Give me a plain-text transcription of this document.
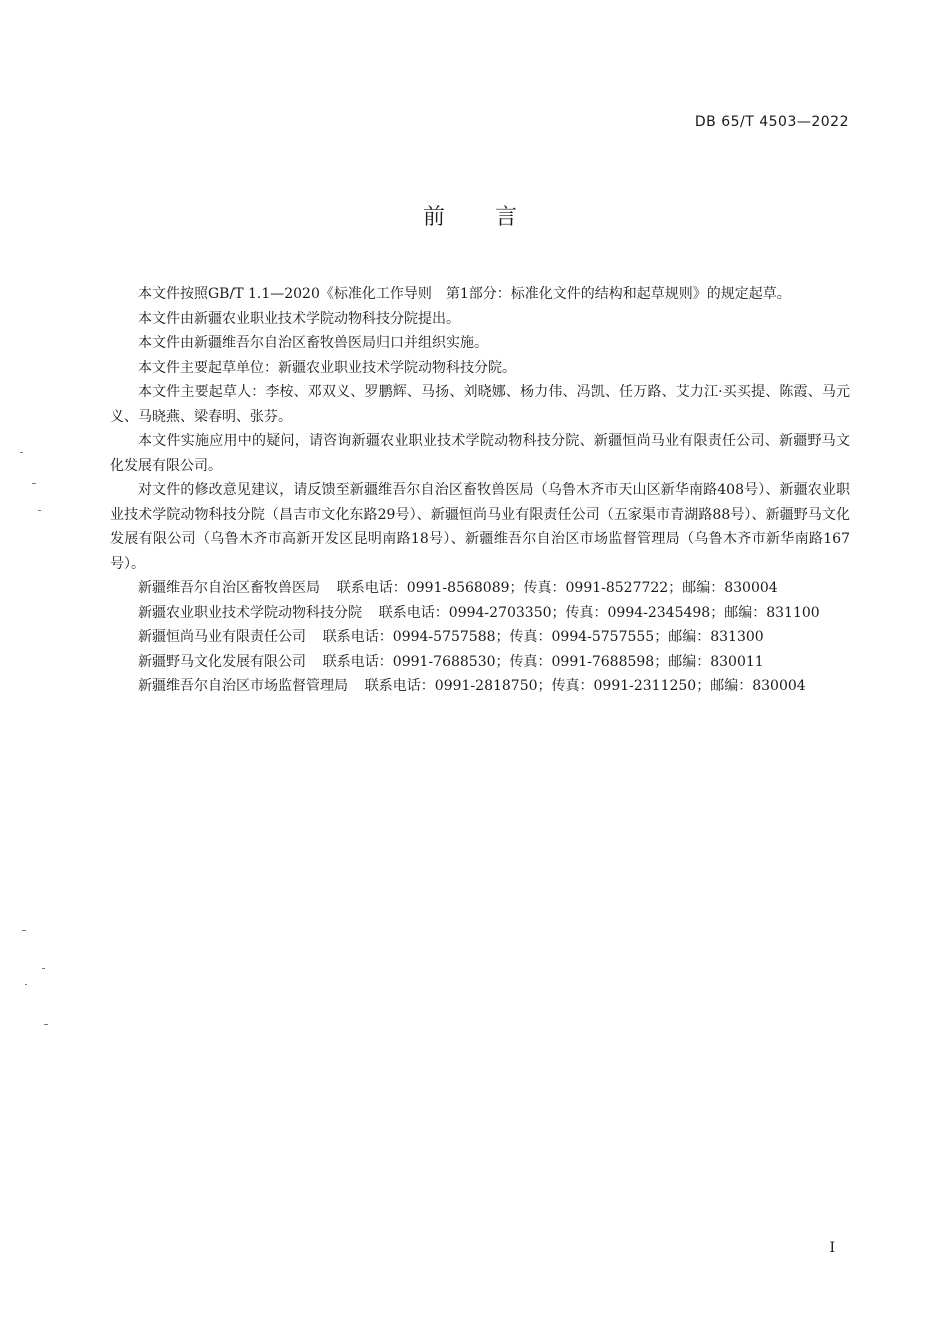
DB 65/T 4503—2022
前言

本文件按照GB/T 1.1—2020《标准化工作导则　第1部分：标准化文件的结构和起草规则》的规定起草。

本文件由新疆农业职业技术学院动物科技分院提出。

本文件由新疆维吾尔自治区畜牧兽医局归口并组织实施。

本文件主要起草单位：新疆农业职业技术学院动物科技分院。

本文件主要起草人：李桉、邓双义、罗鹏辉、马扬、刘晓娜、杨力伟、冯凯、任万路、艾力江·买买提、陈霞、马元义、马晓燕、梁春明、张芬。

本文件实施应用中的疑问，请咨询新疆农业职业技术学院动物科技分院、新疆恒尚马业有限责任公司、新疆野马文化发展有限公司。

对文件的修改意见建议，请反馈至新疆维吾尔自治区畜牧兽医局（乌鲁木齐市天山区新华南路408号）、新疆农业职业技术学院动物科技分院（昌吉市文化东路29号）、新疆恒尚马业有限责任公司（五家渠市青湖路88号）、新疆野马文化发展有限公司（乌鲁木齐市高新开发区昆明南路18号）、新疆维吾尔自治区市场监督管理局（乌鲁木齐市新华南路167号）。

新疆维吾尔自治区畜牧兽医局 联系电话：0991-8568089；传真：0991-8527722；邮编：830004

新疆农业职业技术学院动物科技分院 联系电话：0994-2703350；传真：0994-2345498；邮编：831100

新疆恒尚马业有限责任公司 联系电话：0994-5757588；传真：0994-5757555；邮编：831300

新疆野马文化发展有限公司 联系电话：0991-7688530；传真：0991-7688598；邮编：830011

新疆维吾尔自治区市场监督管理局 联系电话：0991-2818750；传真：0991-2311250；邮编：830004

I
